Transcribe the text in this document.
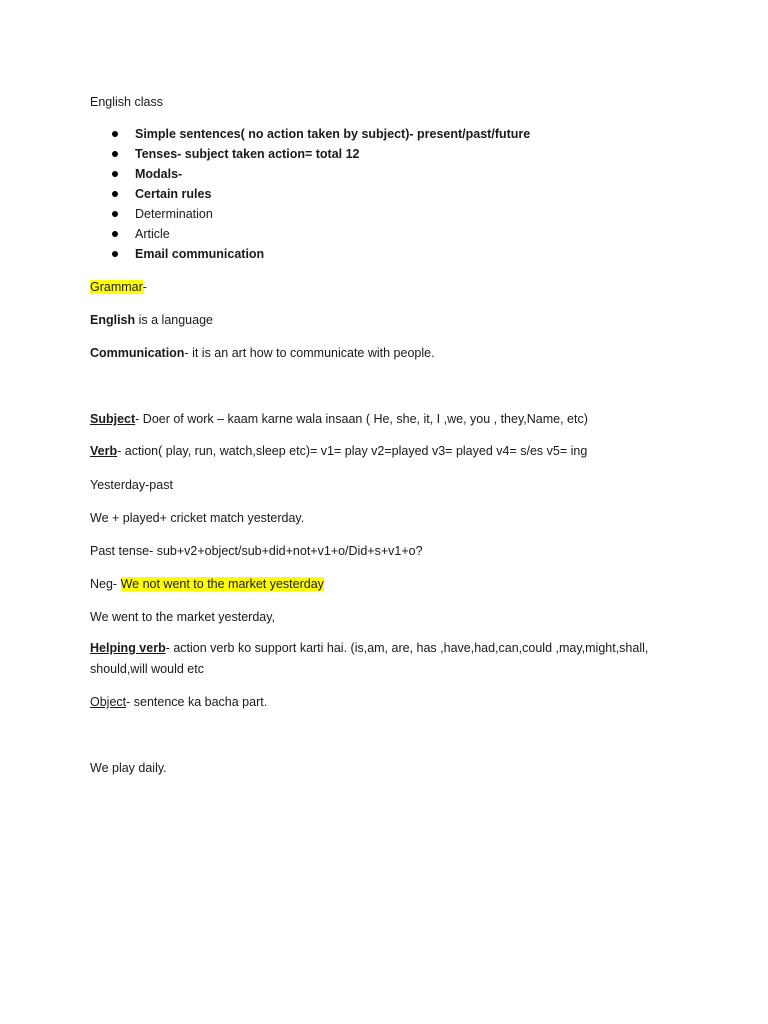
English class
Simple sentences( no action taken by subject)- present/past/future
Tenses- subject taken action= total 12
Modals-
Certain rules
Determination
Article
Email communication
Grammar-
English is a language
Communication- it is an art how to communicate with people.
Subject- Doer of work – kaam karne wala insaan ( He, she, it, I ,we, you , they,Name, etc)
Verb- action( play, run, watch,sleep etc)= v1= play v2=played v3= played v4= s/es v5= ing
Yesterday-past
We + played+ cricket match yesterday.
Past tense- sub+v2+object/sub+did+not+v1+o/Did+s+v1+o?
Neg- We not went to the market yesterday
We went to the market yesterday,
Helping verb- action verb ko support karti hai. (is,am, are, has ,have,had,can,could ,may,might,shall, should,will would etc
Object- sentence ka bacha part.
We play daily.
